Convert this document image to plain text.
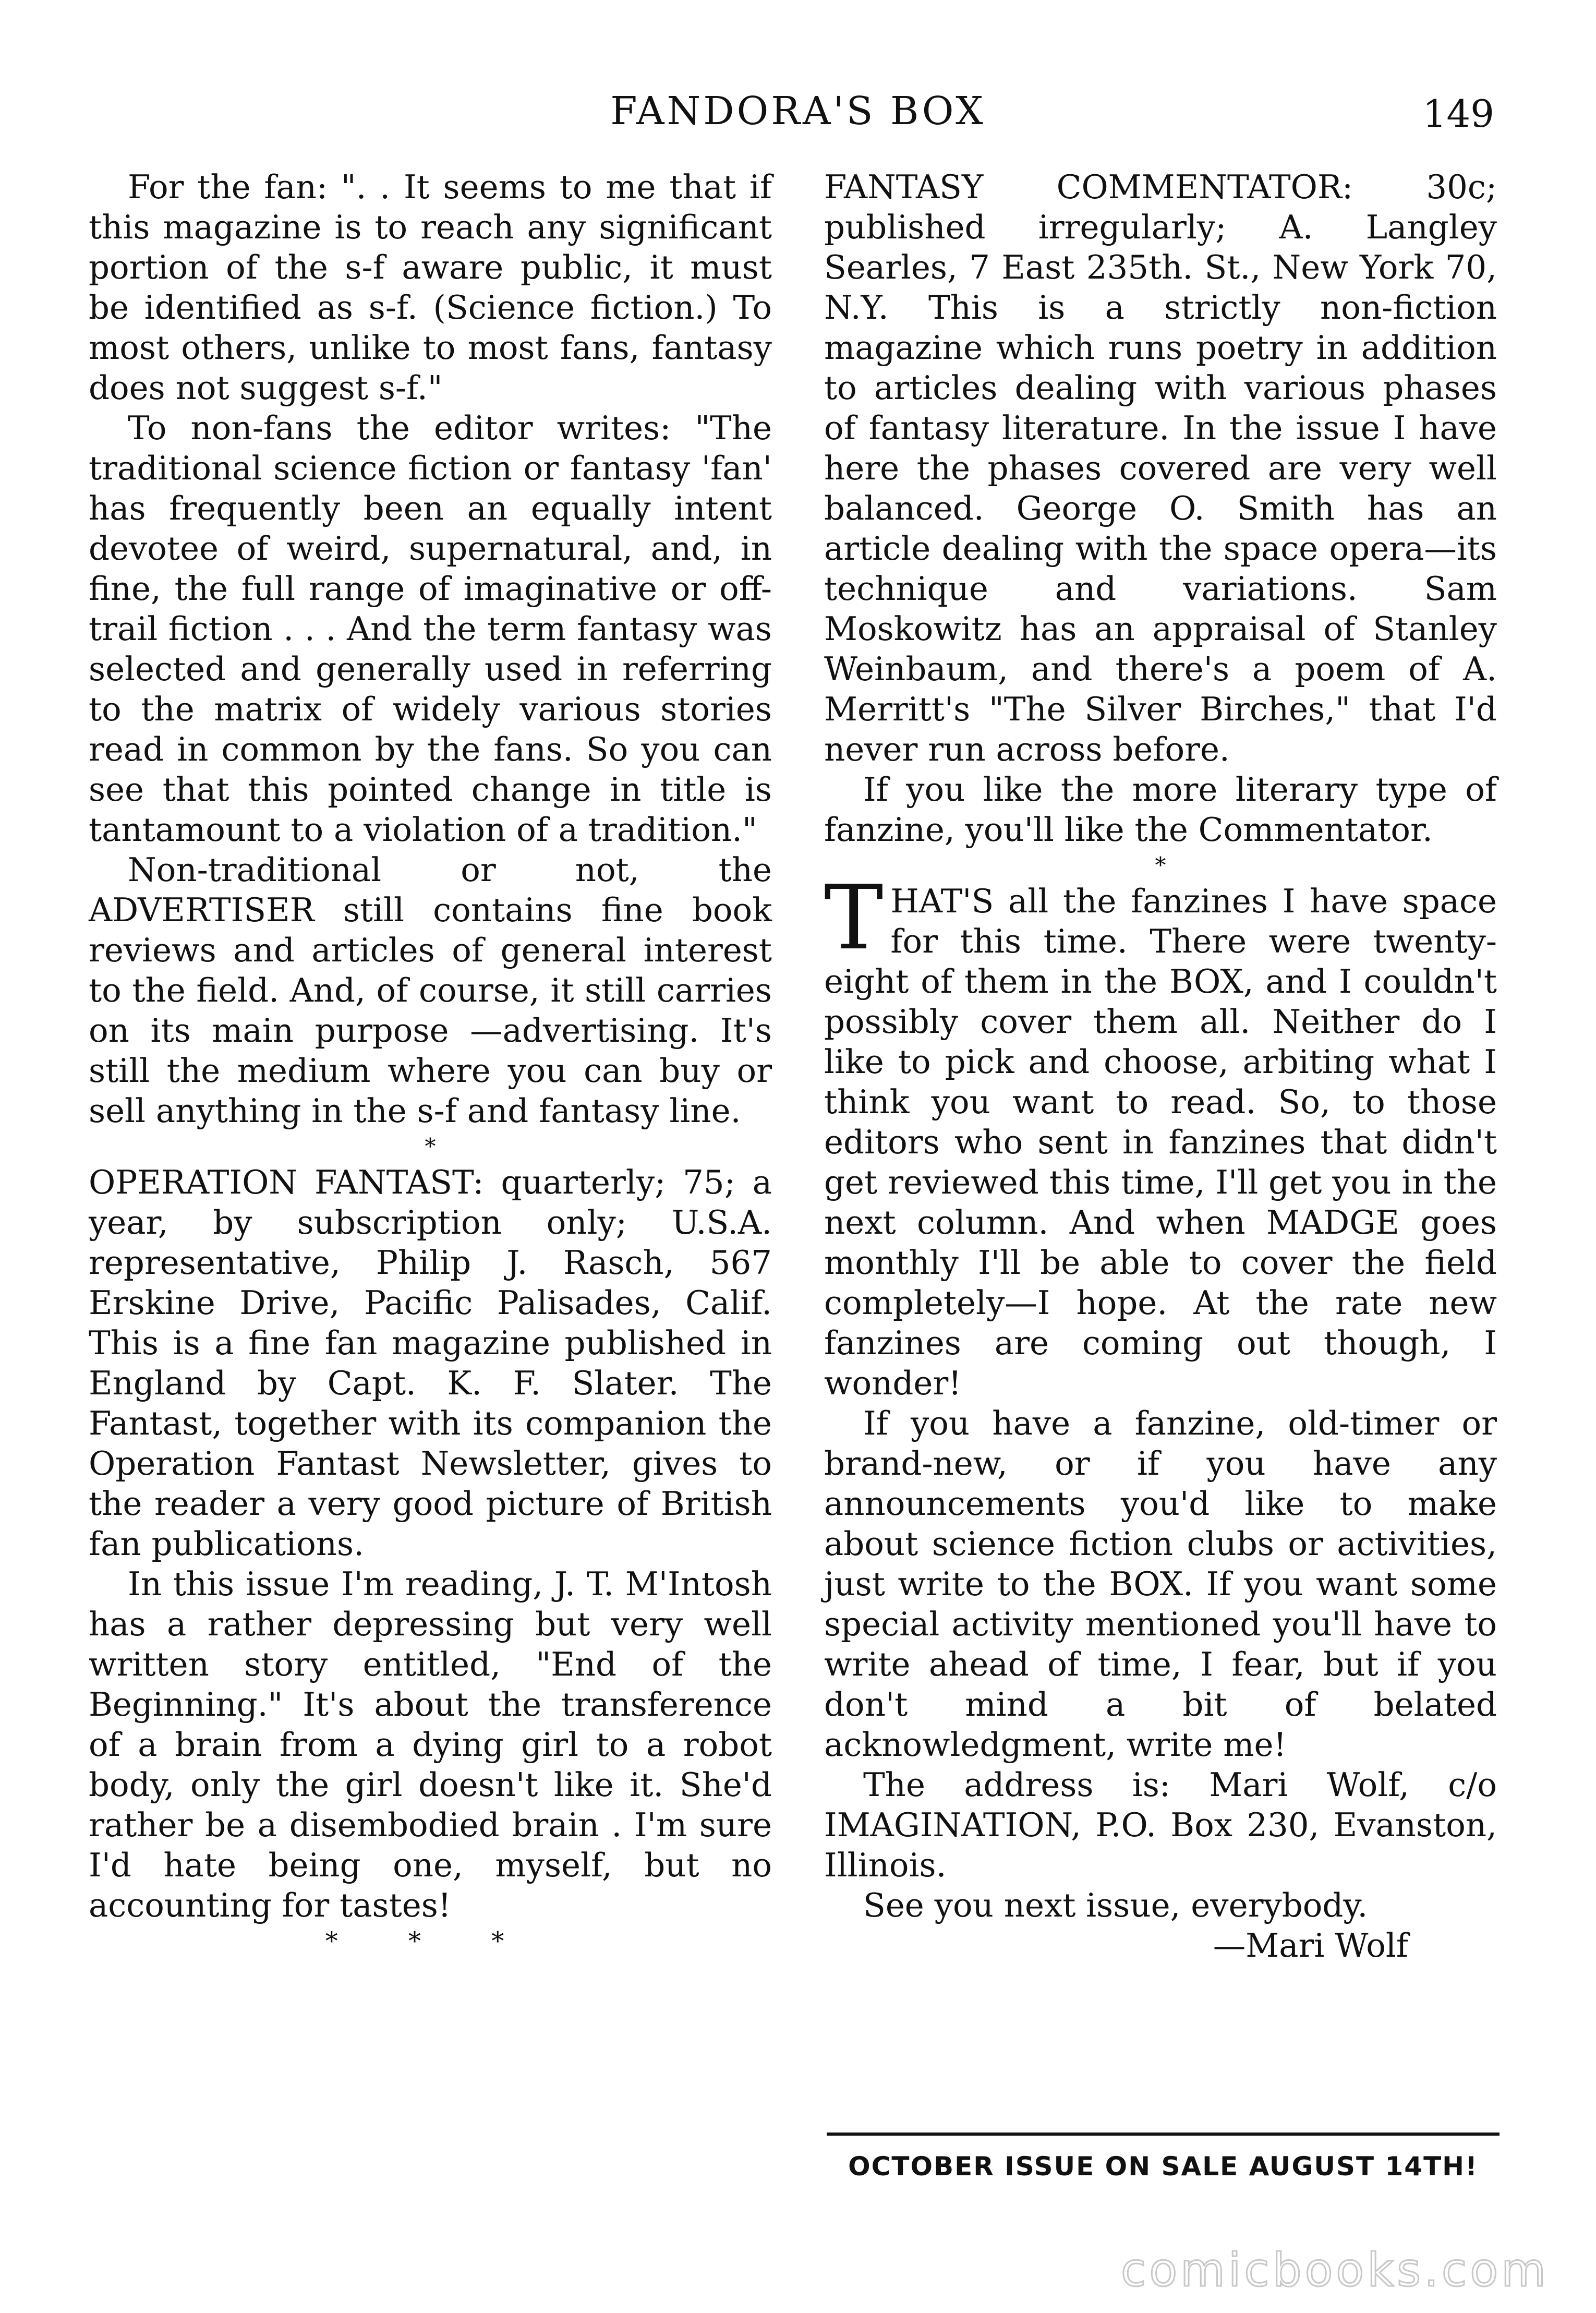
FANDORA'S BOX	149

For the fan: ". . It seems to me that if this magazine is to reach any significant portion of the s-f aware public, it must be identified as s-f. (Science fiction.) To most others, unlike to most fans, fantasy does not suggest s-f."

To non-fans the editor writes: "The traditional science fiction or fantasy 'fan' has frequently been an equally intent devotee of weird, supernatural, and, in fine, the full range of imaginative or off-trail fiction . . . And the term fantasy was selected and generally used in referring to the matrix of widely various stories read in common by the fans. So you can see that this pointed change in title is tantamount to a violation of a tradition."

Non-traditional or not, the ADVERTISER still contains fine book reviews and articles of general interest to the field. And, of course, it still carries on its main purpose —advertising. It's still the medium where you can buy or sell anything in the s-f and fantasy line.

*

OPERATION FANTAST: quarterly; 75; a year, by subscription only; U.S.A. representative, Philip J. Rasch, 567 Erskine Drive, Pacific Palisades, Calif. This is a fine fan magazine published in England by Capt. K. F. Slater. The Fantast, together with its companion the Operation Fantast Newsletter, gives to the reader a very good picture of British fan publications.

In this issue I'm reading, J. T. M'Intosh has a rather depressing but very well written story entitled, "End of the Beginning." It's about the transference of a brain from a dying girl to a robot body, only the girl doesn't like it. She'd rather be a disembodied brain . I'm sure I'd hate being one, myself, but no accounting for tastes!

* * *

FANTASY COMMENTATOR: 30c; published irregularly; A. Langley Searles, 7 East 235th. St., New York 70, N.Y. This is a strictly non-fiction magazine which runs poetry in addition to articles dealing with various phases of fantasy literature. In the issue I have here the phases covered are very well balanced. George O. Smith has an article dealing with the space opera—its technique and variations. Sam Moskowitz has an appraisal of Stanley Weinbaum, and there's a poem of A. Merritt's "The Silver Birches," that I'd never run across before.

If you like the more literary type of fanzine, you'll like the Commentator.

*

T HAT'S all the fanzines I have space for this time. There were twenty-eight of them in the BOX, and I couldn't possibly cover them all. Neither do I like to pick and choose, arbiting what I think you want to read. So, to those editors who sent in fanzines that didn't get reviewed this time, I'll get you in the next column. And when MADGE goes monthly I'll be able to cover the field completely—I hope. At the rate new fanzines are coming out though, I wonder!

If you have a fanzine, old-timer or brand-new, or if you have any announcements you'd like to make about science fiction clubs or activities, just write to the BOX. If you want some special activity mentioned you'll have to write ahead of time, I fear, but if you don't mind a bit of belated acknowledgment, write me!

The address is: Mari Wolf, c/o IMAGINATION, P.O. Box 230, Evanston, Illinois.

See you next issue, everybody.

—Mari Wolf

OCTOBER ISSUE ON SALE AUGUST 14TH!
comicbooks.com
